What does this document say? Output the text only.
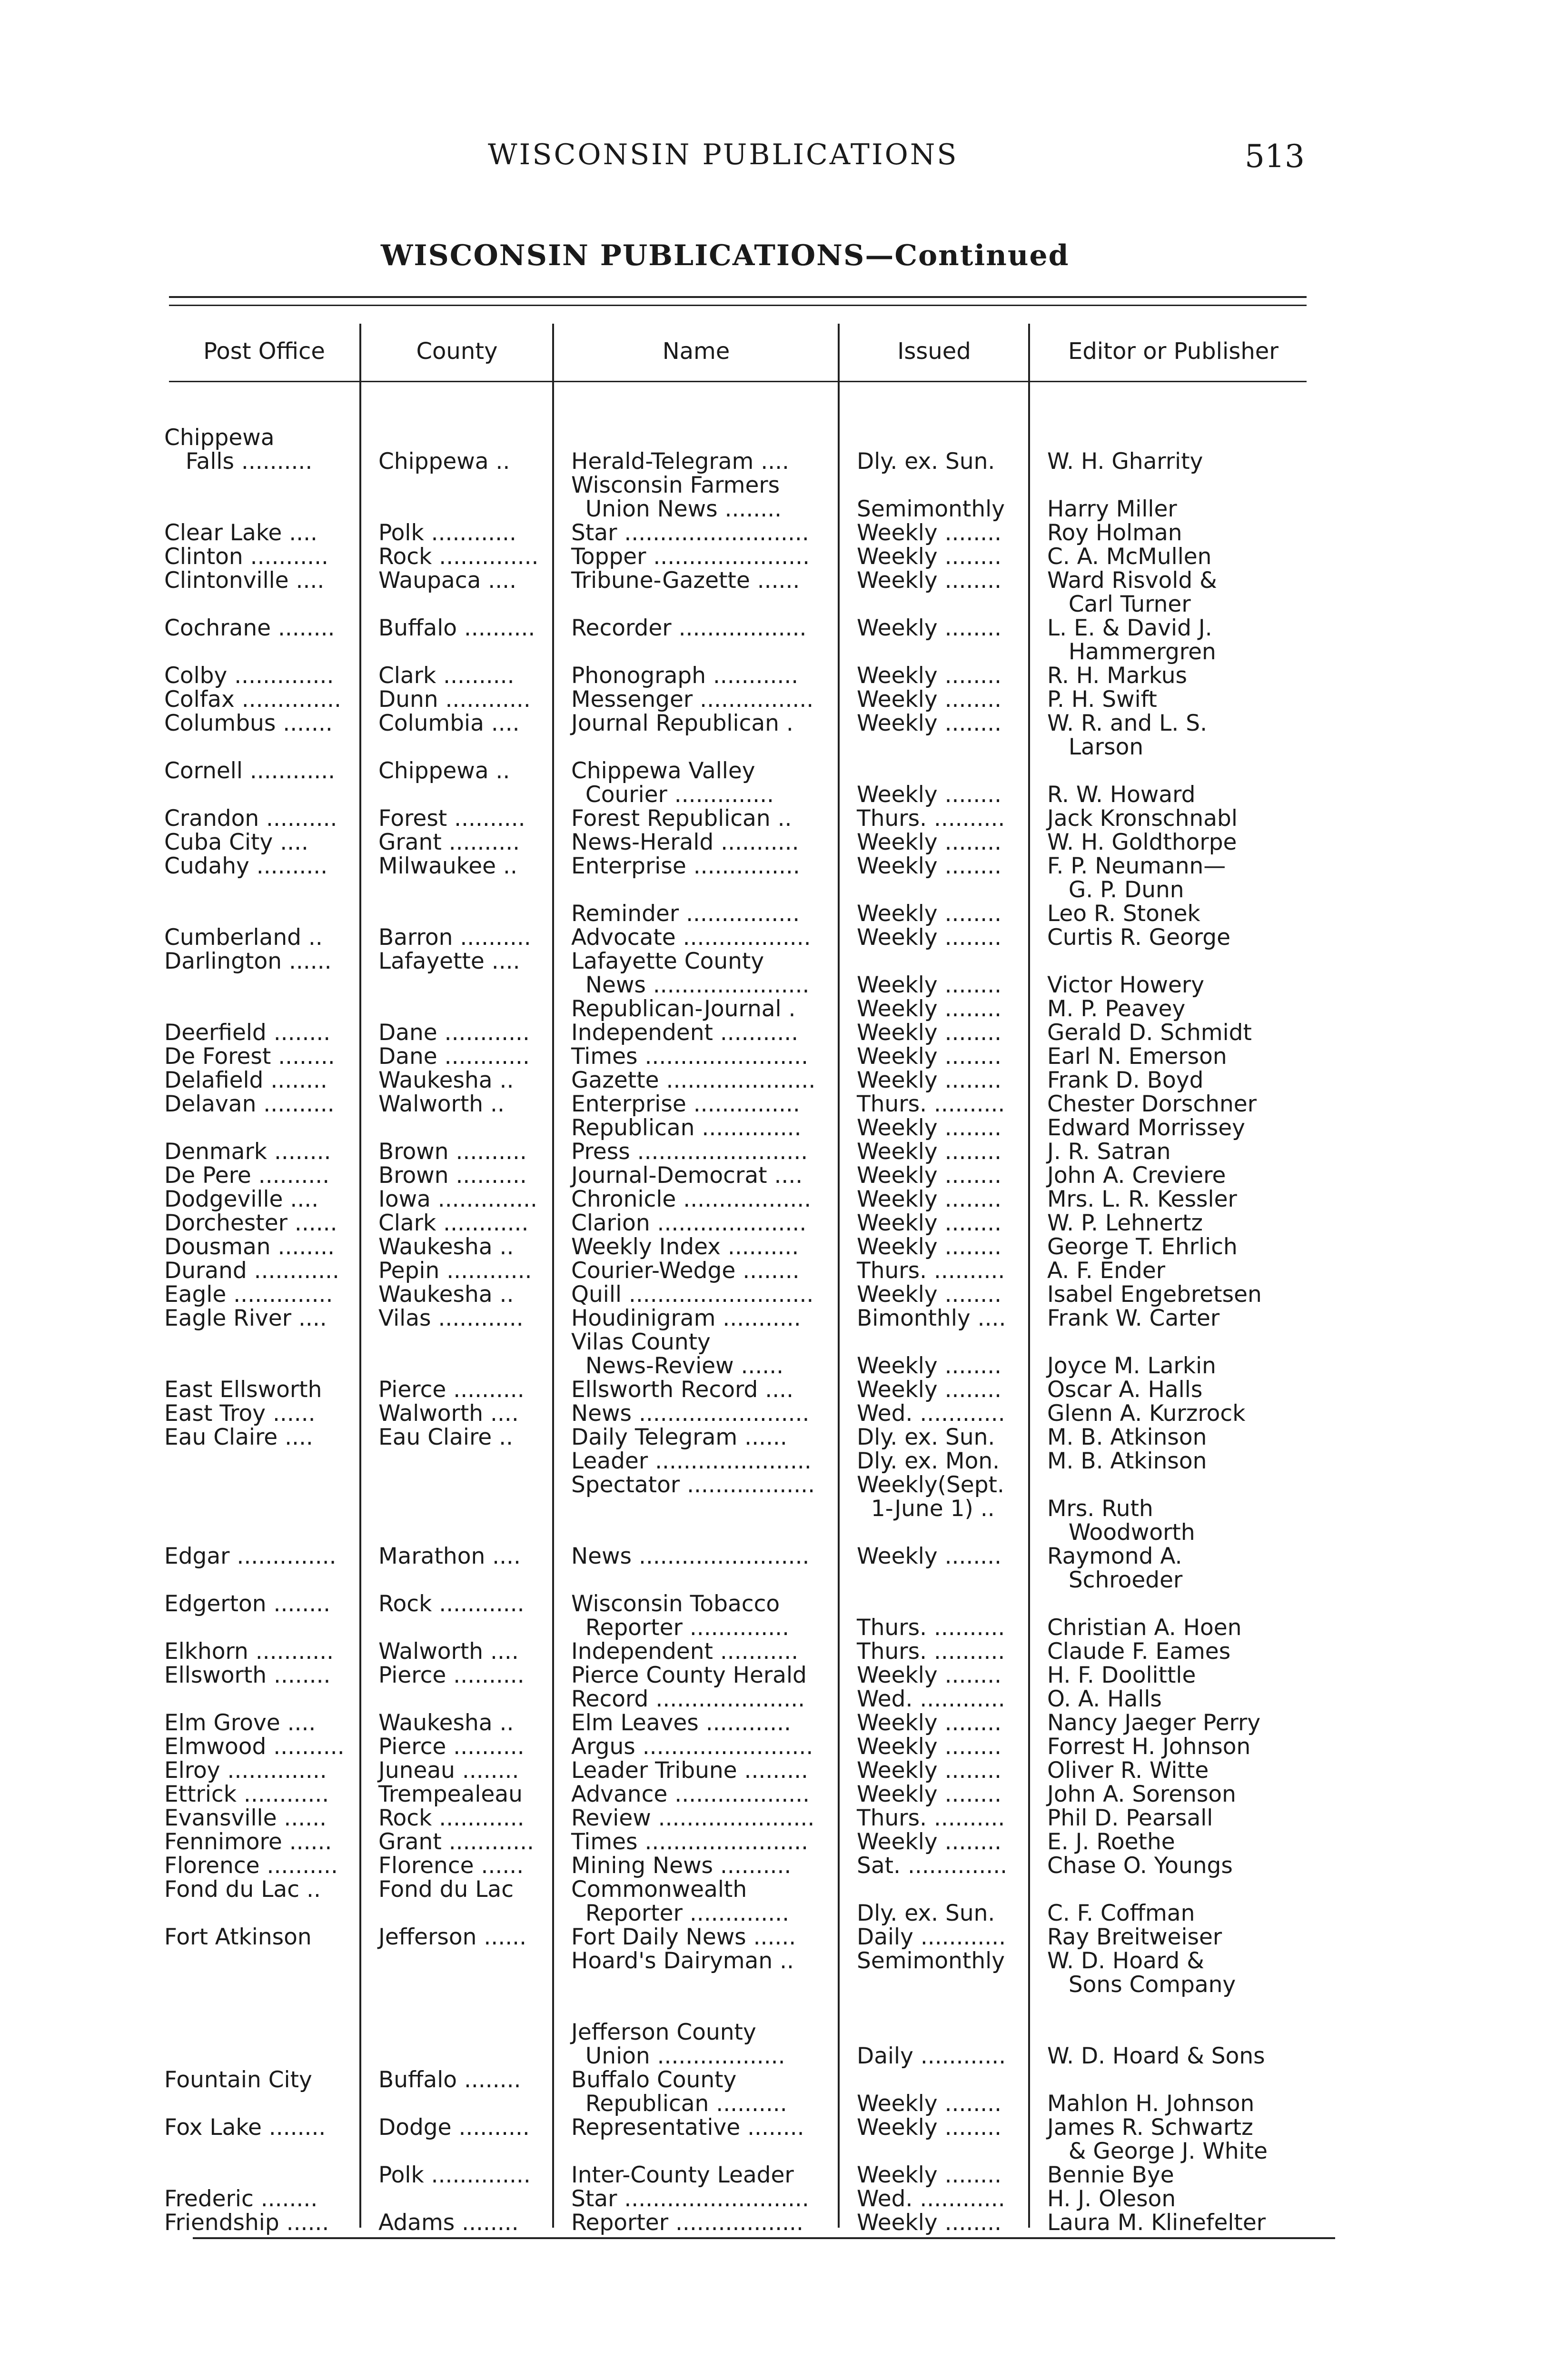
WISCONSIN PUBLICATIONS	513
WISCONSIN PUBLICATIONS—Continued
Post Office	County	Name	Issued	Editor or Publisher
Chippewa
Falls ..........	Chippewa ..	Herald-Telegram ....	Dly. ex. Sun. W. H. Gharrity
Wisconsin Farmers
Union News ........	Semimonthly Harry Miller
Clear Lake ....	Polk ............ Star .......................... Weekly ........ Roy Holman
Clinton ........... Rock .............. Topper ...................... Weekly ........ C. A. McMullen
Clintonville .... Waupaca .... Tribune-Gazette ......	Weekly ........ Ward Risvold &
Carl Turner
Cochrane ........ Buffalo .......... Recorder .................. Weekly ........ L. E. & David J.
Hammergren
Colby .............. Clark ..........	Phonograph ............	Weekly ........ R. H. Markus
Colfax .............. Dunn ............ Messenger ................ Weekly ........ P. H. Swift
Columbus ....... Columbia .... Journal Republican .	Weekly ........ W. R. and L. S.
Larson
Cornell ............ Chippewa ..	Chippewa Valley
Courier ..............	Weekly ........ R. W. Howard
Crandon .......... Forest .......... Forest Republican ..	Thurs. .......... Jack Kronschnabl
Cuba City ....	Grant .......... News-Herald ...........	Weekly ........ W. H. Goldthorpe
Cudahy .......... Milwaukee .. Enterprise ...............	Weekly ........ F. P. Neumann—
G. P. Dunn
Reminder ................	Weekly ........ Leo R. Stonek
Cumberland .. Barron .......... Advocate .................. Weekly ........ Curtis R. George
Darlington ...... Lafayette .... Lafayette County
News ...................... Weekly ........ Victor Howery
Republican-Journal .	Weekly ........ M. P. Peavey
Deerfield ........ Dane ............ Independent ...........	Weekly ........ Gerald D. Schmidt
De Forest ........ Dane ............ Times ....................... Weekly ........ Earl N. Emerson
Delafield ........ Waukesha ..	Gazette ..................... Weekly ........ Frank D. Boyd
Delavan .......... Walworth ..	Enterprise ...............	Thurs. .......... Chester Dorschner
Republican .............. Weekly ........ Edward Morrissey
Denmark ........ Brown .......... Press ........................ Weekly ........ J. R. Satran
De Pere .......... Brown .......... Journal-Democrat .... Weekly ........ John A. Creviere
Dodgeville ....	Iowa .............. Chronicle .................. Weekly ........ Mrs. L. R. Kessler
Dorchester ...... Clark ............ Clarion ..................... Weekly ........ W. P. Lehnertz
Dousman ........ Waukesha ..	Weekly Index ..........	Weekly ........ George T. Ehrlich
Durand ............ Pepin ............ Courier-Wedge ........	Thurs. .......... A. F. Ender
Eagle .............. Waukesha ..	Quill .......................... Weekly ........ Isabel Engebretsen
Eagle River .... Vilas ............ Houdinigram ........... Bimonthly .... Frank W. Carter
Vilas County
News-Review ......	Weekly ........ Joyce M. Larkin
East Ellsworth	Pierce .......... Ellsworth Record ....	Weekly ........ Oscar A. Halls
East Troy ......	Walworth .... News ........................ Wed. ............ Glenn A. Kurzrock
Eau Claire ....	Eau Claire ..	Daily Telegram ......	Dly. ex. Sun. M. B. Atkinson
Leader ...................... Dly. ex. Mon. M. B. Atkinson
Spectator .................. Weekly(Sept.
1-June 1) .. Mrs. Ruth
Woodworth
Edgar .............. Marathon .... News ........................ Weekly ........ Raymond A.
Schroeder
Edgerton ........ Rock ............ Wisconsin Tobacco
Reporter ..............	Thurs. .......... Christian A. Hoen
Elkhorn ........... Walworth .... Independent ...........	Thurs. .......... Claude F. Eames
Ellsworth ........ Pierce .......... Pierce County Herald Weekly ........ H. F. Doolittle
Record ..................... Wed. ............ O. A. Halls
Elm Grove ....	Waukesha ..	Elm Leaves ............	Weekly ........ Nancy Jaeger Perry
Elmwood .......... Pierce .......... Argus ........................ Weekly ........ Forrest H. Johnson
Elroy .............. Juneau ........ Leader Tribune ......... Weekly ........ Oliver R. Witte
Ettrick ............ Trempealeau Advance ................... Weekly ........ John A. Sorenson
Evansville ...... Rock ............ Review ...................... Thurs. .......... Phil D. Pearsall
Fennimore ...... Grant ............ Times ....................... Weekly ........ E. J. Roethe
Florence .......... Florence ...... Mining News ..........	Sat. .............. Chase O. Youngs
Fond du Lac ..	Fond du Lac	Commonwealth
Reporter ..............	Dly. ex. Sun. C. F. Coffman
Fort Atkinson	Jefferson ...... Fort Daily News ......	Daily ............ Ray Breitweiser
Hoard's Dairyman ..	Semimonthly W. D. Hoard &
Sons Company
Jefferson County
Union ..................	Daily ............ W. D. Hoard & Sons
Fountain City	Buffalo ........ Buffalo County
Republican ..........	Weekly ........ Mahlon H. Johnson
Fox Lake ........ Dodge .......... Representative ........ Weekly ........ James R. Schwartz
& George J. White
Polk .............. Inter-County Leader	Weekly ........ Bennie Bye
Frederic ........	Star .......................... Wed. ............ H. J. Oleson
Friendship ...... Adams ........ Reporter .................. Weekly ........ Laura M. Klinefelter
